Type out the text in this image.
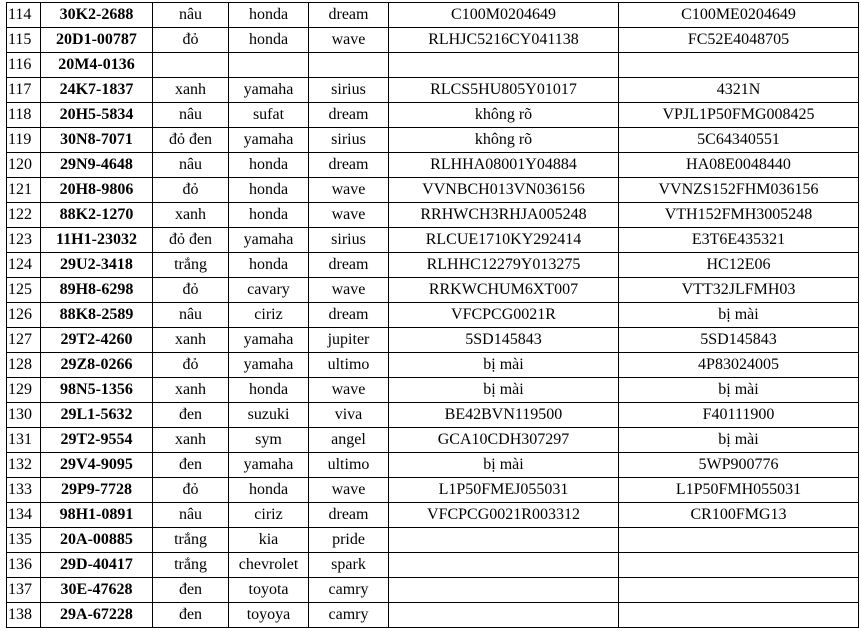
114	30K2-2688	nâu	honda	dream	C100M0204649	C100ME0204649
115	20D1-00787	đỏ	honda	wave	RLHJC5216CY041138	FC52E4048705
116	20M4-0136					
117	24K7-1837	xanh	yamaha	sirius	RLCS5HU805Y01017	4321N
118	20H5-5834	nâu	sufat	dream	không rõ	VPJL1P50FMG008425
119	30N8-7071	đỏ đen	yamaha	sirius	không rõ	5C64340551
120	29N9-4648	nâu	honda	dream	RLHHA08001Y04884	HA08E0048440
121	20H8-9806	đỏ	honda	wave	VVNBCH013VN036156	VVNZS152FHM036156
122	88K2-1270	xanh	honda	wave	RRHWCH3RHJA005248	VTH152FMH3005248
123	11H1-23032	đỏ đen	yamaha	sirius	RLCUE1710KY292414	E3T6E435321
124	29U2-3418	trắng	honda	dream	RLHHC12279Y013275	HC12E06
125	89H8-6298	đỏ	cavary	wave	RRKWCHUM6XT007	VTT32JLFMH03
126	88K8-2589	nâu	ciriz	dream	VFCPCG0021R	bị mài
127	29T2-4260	xanh	yamaha	jupiter	5SD145843	5SD145843
128	29Z8-0266	đỏ	yamaha	ultimo	bị mài	4P83024005
129	98N5-1356	xanh	honda	wave	bị mài	bị mài
130	29L1-5632	đen	suzuki	viva	BE42BVN119500	F40111900
131	29T2-9554	xanh	sym	angel	GCA10CDH307297	bị mài
132	29V4-9095	đen	yamaha	ultimo	bị mài	5WP900776
133	29P9-7728	đỏ	honda	wave	L1P50FMEJ055031	L1P50FMH055031
134	98H1-0891	nâu	ciriz	dream	VFCPCG0021R003312	CR100FMG13
135	20A-00885	trắng	kia	pride		
136	29D-40417	trắng	chevrolet	spark		
137	30E-47628	đen	toyota	camry		
138	29A-67228	đen	toyoya	camry		
